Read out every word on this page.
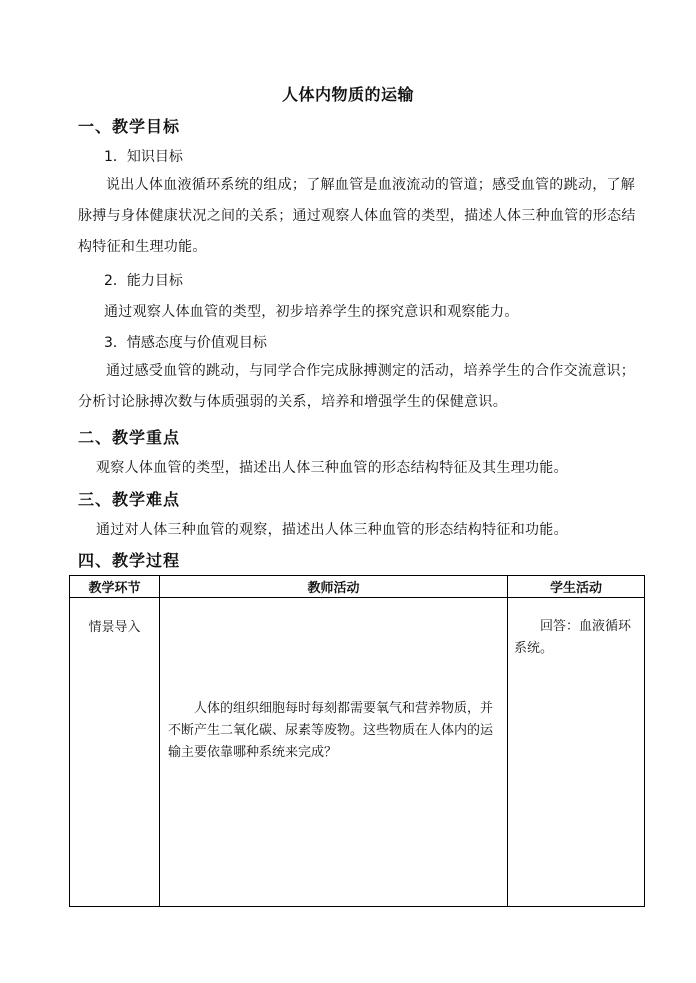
人体内物质的运输
一、教学目标
1．知识目标
说出人体血液循环系统的组成；了解血管是血液流动的管道；感受血管的跳动，了解脉搏与身体健康状况之间的关系；通过观察人体血管的类型，描述人体三种血管的形态结构特征和生理功能。
2．能力目标
通过观察人体血管的类型，初步培养学生的探究意识和观察能力。
3．情感态度与价值观目标
通过感受血管的跳动，与同学合作完成脉搏测定的活动，培养学生的合作交流意识；分析讨论脉搏次数与体质强弱的关系，培养和增强学生的保健意识。
二、教学重点
观察人体血管的类型，描述出人体三种血管的形态结构特征及其生理功能。
三、教学难点
通过对人体三种血管的观察，描述出人体三种血管的形态结构特征和功能。
四、教学过程
教学环节	教师活动	学生活动
情景导入	人体的组织细胞每时每刻都需要氧气和营养物质，并不断产生二氧化碳、尿素等废物。这些物质在人体内的运输主要依靠哪种系统来完成？	回答：血液循环系统。
